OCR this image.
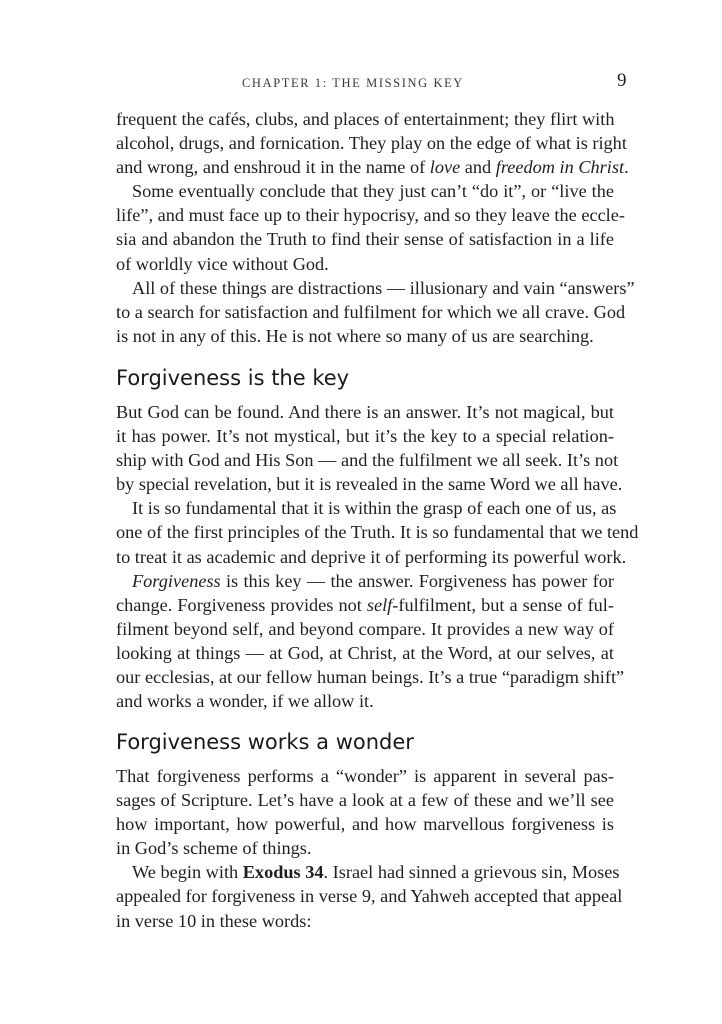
CHAPTER 1: THE MISSING KEY	9
frequent the cafés, clubs, and places of entertainment; they flirt with
alcohol, drugs, and fornication. They play on the edge of what is right
and wrong, and enshroud it in the name of love and freedom in Christ.
Some eventually conclude that they just can’t “do it”, or “live the
life”, and must face up to their hypocrisy, and so they leave the eccle-
sia and abandon the Truth to find their sense of satisfaction in a life
of worldly vice without God.
All of these things are distractions — illusionary and vain “answers”
to a search for satisfaction and fulfilment for which we all crave. God
is not in any of this. He is not where so many of us are searching.
Forgiveness is the key
But God can be found. And there is an answer. It’s not magical, but
it has power. It’s not mystical, but it’s the key to a special relation-
ship with God and His Son — and the fulfilment we all seek. It’s not
by special revelation, but it is revealed in the same Word we all have.
It is so fundamental that it is within the grasp of each one of us, as
one of the first principles of the Truth. It is so fundamental that we tend
to treat it as academic and deprive it of performing its powerful work.
Forgiveness is this key — the answer. Forgiveness has power for
change. Forgiveness provides not self-fulfilment, but a sense of ful-
filment beyond self, and beyond compare. It provides a new way of
looking at things — at God, at Christ, at the Word, at our selves, at
our ecclesias, at our fellow human beings. It’s a true “paradigm shift”
and works a wonder, if we allow it.
Forgiveness works a wonder
That forgiveness performs a “wonder” is apparent in several pas-
sages of Scripture. Let’s have a look at a few of these and we’ll see
how important, how powerful, and how marvellous forgiveness is
in God’s scheme of things.
We begin with Exodus 34. Israel had sinned a grievous sin, Moses
appealed for forgiveness in verse 9, and Yahweh accepted that appeal
in verse 10 in these words:
